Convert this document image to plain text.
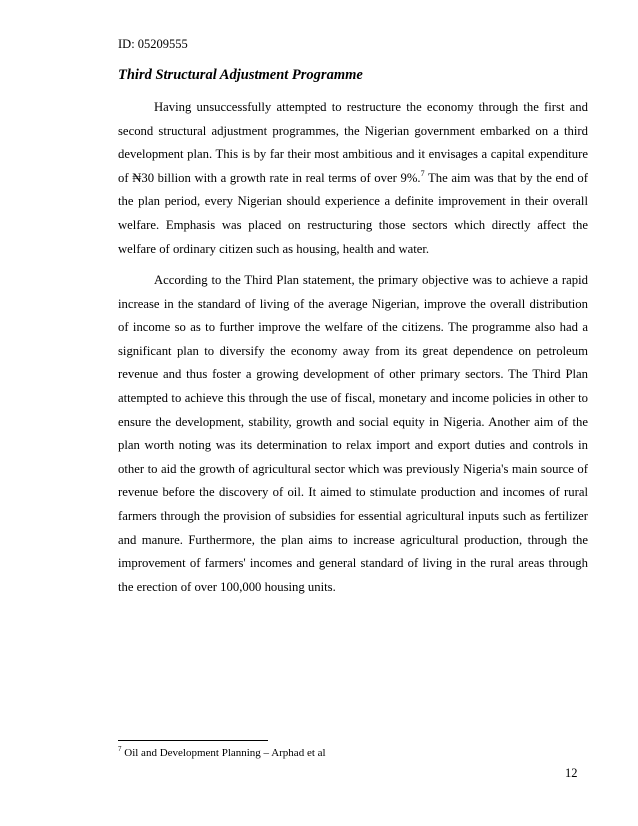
ID: 05209555
Third Structural Adjustment Programme
Having unsuccessfully attempted to restructure the economy through the first and
second structural adjustment programmes, the Nigerian government embarked on a third
development plan. This is by far their most ambitious and it envisages a capital expenditure
of ₦30 billion with a growth rate in real terms of over 9%.$^7$ The aim was that by the end of
the plan period, every Nigerian should experience a definite improvement in their overall
welfare. Emphasis was placed on restructuring those sectors which directly affect the
welfare of ordinary citizen such as housing, health and water.
According to the Third Plan statement, the primary objective was to achieve a rapid
increase in the standard of living of the average Nigerian, improve the overall distribution
of income so as to further improve the welfare of the citizens. The programme also had a
significant plan to diversify the economy away from its great dependence on petroleum
revenue and thus foster a growing development of other primary sectors. The Third Plan
attempted to achieve this through the use of fiscal, monetary and income policies in other to
ensure the development, stability, growth and social equity in Nigeria. Another aim of the
plan worth noting was its determination to relax import and export duties and controls in
other to aid the growth of agricultural sector which was previously Nigeria's main source of
revenue before the discovery of oil. It aimed to stimulate production and incomes of rural
farmers through the provision of subsidies for essential agricultural inputs such as fertilizer
and manure. Furthermore, the plan aims to increase agricultural production, through the
improvement of farmers' incomes and general standard of living in the rural areas through
the erection of over 100,000 housing units.
$^7$ Oil and Development Planning – Arphad et al
12
